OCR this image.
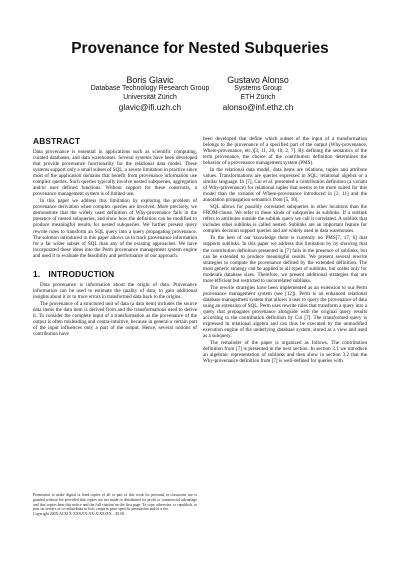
Provenance for Nested Subqueries
Boris Glavic
Database Technology Research Group
Universität Zürich
glavic@ifi.uzh.ch
Gustavo Alonso
Systems Group
ETH Zürich
alonso@inf.ethz.ch
ABSTRACT

Data provenance is essential in applications such as scientific computing, curated databases, and data warehouses. Several systems have been developed that provide provenance functionality for the relational data model. These systems support only a small subset of SQL, a severe limitation in practice since most of the application domains that benefit from provenance information use complex queries. Such queries typically involve nested subqueries, aggregation and/or user defined functions. Without support for these constructs, a provenance management system is of limited use.

In this paper we address this limitation by exploring the problem of provenance derivation when complex queries are involved. More precisely, we demonstrate that the widely used definition of Why-provenance fails in the presence of nested subqueries, and show how the definition can be modified to produce meaningful results for nested subqueries. We further present query rewrite rules to transform an SQL query into a query propagating provenance. The solution introduced in this paper allows us to track provenance information for a far wider subset of SQL than any of the existing approaches. We have incorporated these ideas into the Perm provenance management system engine and used it to evaluate the feasibility and performance of our approach.

1. INTRODUCTION

Data provenance is information about the origin of data. Provenance information can be used to estimate the quality of data, to gain additional insights about it or to trace errors in transformed data back to the origins.

The provenance of a structured unit of data (a data item) includes the source data items the data item is derived from and the transformations used to derive it. To consider the complete input of a transformation as the provenance of the output is often misleading and contra-intuitive, because in general a certain part of the input influences only a part of the output. Hence, several notions of contribution have

been developed that define which subset of the input of a transformation belongs to the provenance of a specified part of the output (Why-provenance, Where-provenance, etc.)[3, 11, 20, 10, 2, 7]. By defining the semantics of the term provenance, the choice of the contribution definition determines the behavior of a provenance management system (PMS).

In the relational data model, data items are relations, tuples and attribute values. Transformations are queries expressed in SQL, relational algebra or a similar language. In [7], Cui et al. presented a contribution definition (a variant of Why-provenance) for relational tuples that seems to be more suited for this model than the variants of Where-provenance introduced in [2, 11] and the annotation propagation semantics from [5, 10].

SQL allows for possibly correlated subqueries in other locations than the FROM-clause. We refer to these kinds of subqueries as sublinks. If a sublink refers to attributes outside the sublink query we call it correlated. A sublink that includes other sublinks is called nested. Sublinks are an important feature for complex decision support queries and are widely used in data warehouses.

To the best of our knowledge there is currently no PMS[7, 17, 6] that supports sublinks. In this paper we address this limitation by by showing that the contribution definition presented in [7] fails in the presence of sublinks, but can be extended to produce meaningful results. We present several rewrite strategies to compute the provenance defined by the extended definition. The most generic strategy can be applied to all types of sublinks, but scales only for moderate database sizes. Therefore, we present additional strategies that are more efficient but restricted to uncorrelated sublinks.

The rewrite strategies have been implemented as an extension to our Perm provenance management system (see [12]). Perm is an enhanced relational database management system that allows a user to query the provenance of data using an extension of SQL. Perm uses rewrite rules that transform a query into a query that propagates provenance alongside with the original query results according to the contribution definition by Cui [7]. The transformed query is expressed in relational algebra and can thus be executed by the unmodified execution engine of the underlying database system, stored as a view and used as a subquery.

The remainder of the paper is organized as follows. The contribution definition from [7] is presented in the next section. In section 3.1 we introduce an algebraic representation of sublinks and then show in section 3.2 that the Why-provenance definition from [7] is well-defined for queries with

Permission to make digital or hard copies of all or part of this work for personal or classroom use is granted without fee provided that copies are not made or distributed for profit or commercial advantage and that copies bear this notice and the full citation on the first page. To copy otherwise, to republish, to post on servers or to redistribute to lists, requires prior specific permission and/or a fee.
Copyright 200X ACM X-XXXXX-XX-X/XX/XX ...$5.00.
